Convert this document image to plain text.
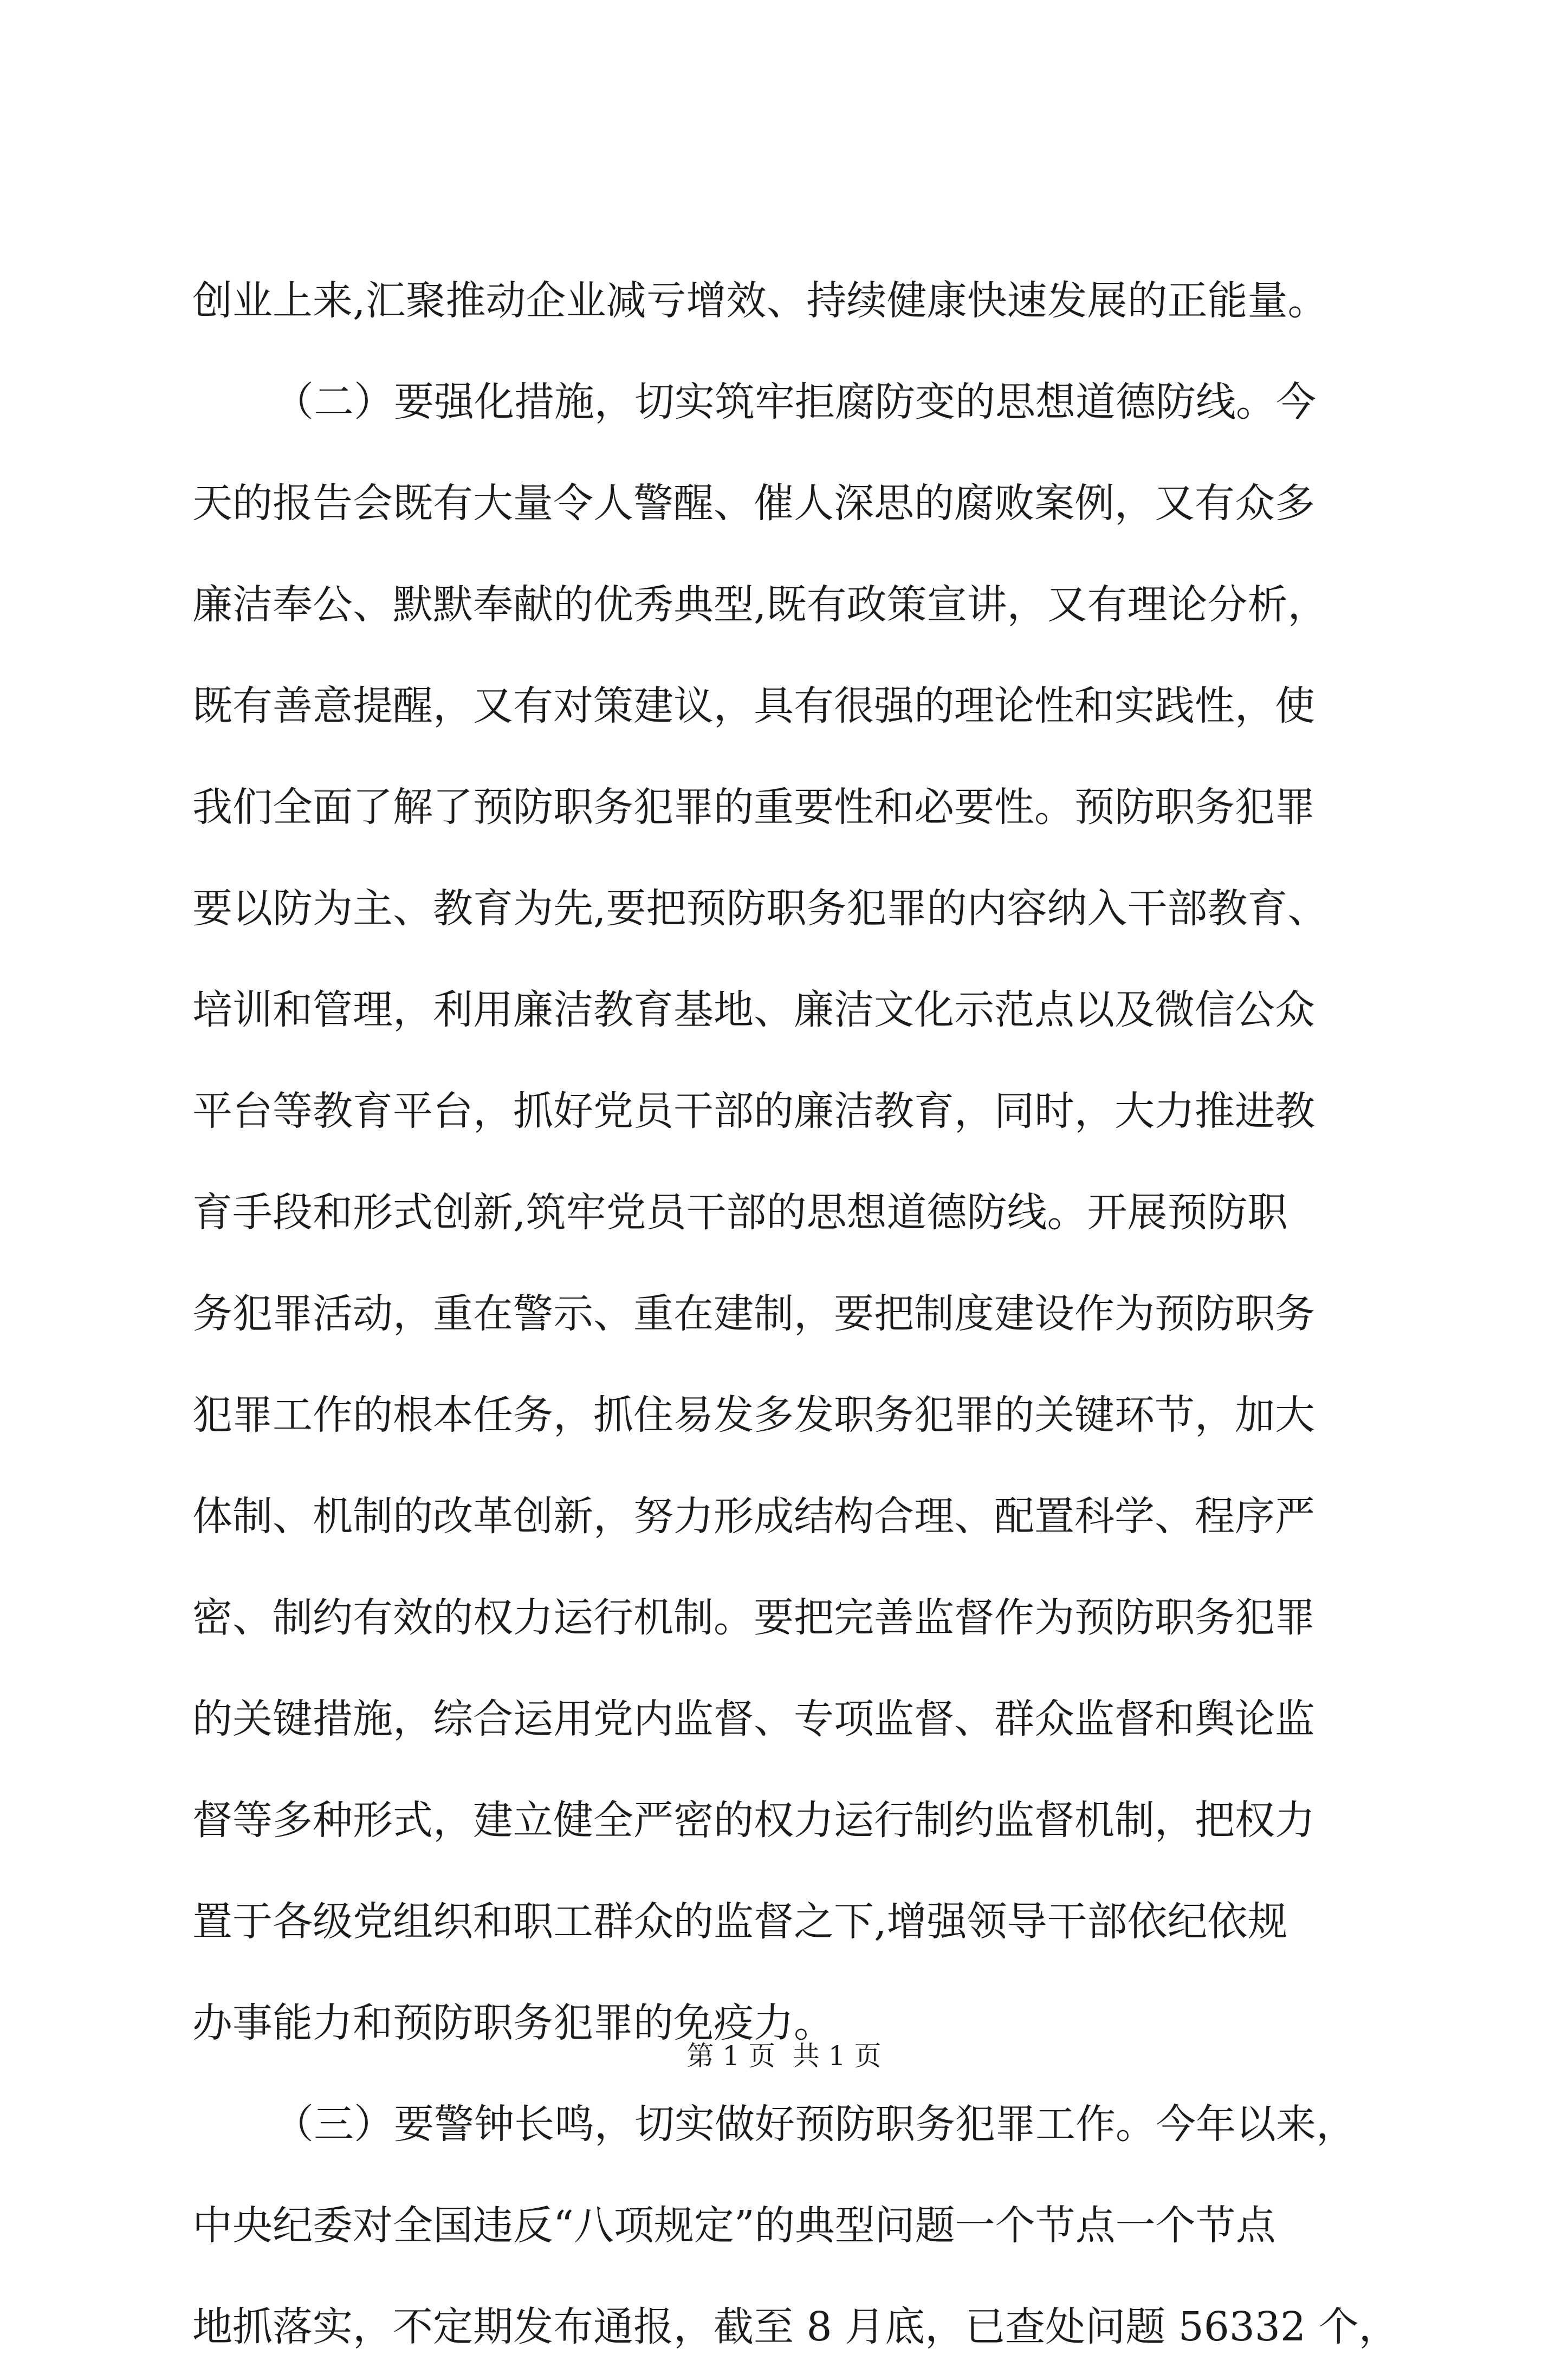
创业上来,汇聚推动企业减亏增效、持续健康快速发展的正能量。
（二）要强化措施，切实筑牢拒腐防变的思想道德防线。今
天的报告会既有大量令人警醒、催人深思的腐败案例，又有众多
廉洁奉公、默默奉献的优秀典型,既有政策宣讲，又有理论分析，
既有善意提醒，又有对策建议，具有很强的理论性和实践性，使
我们全面了解了预防职务犯罪的重要性和必要性。预防职务犯罪
要以防为主、教育为先,要把预防职务犯罪的内容纳入干部教育、
培训和管理，利用廉洁教育基地、廉洁文化示范点以及微信公众
平台等教育平台，抓好党员干部的廉洁教育，同时，大力推进教
育手段和形式创新,筑牢党员干部的思想道德防线。开展预防职
务犯罪活动，重在警示、重在建制，要把制度建设作为预防职务
犯罪工作的根本任务，抓住易发多发职务犯罪的关键环节，加大
体制、机制的改革创新，努力形成结构合理、配置科学、程序严
密、制约有效的权力运行机制。要把完善监督作为预防职务犯罪
的关键措施，综合运用党内监督、专项监督、群众监督和舆论监
督等多种形式，建立健全严密的权力运行制约监督机制，把权力
置于各级党组织和职工群众的监督之下,增强领导干部依纪依规
办事能力和预防职务犯罪的免疫力。
（三）要警钟长鸣，切实做好预防职务犯罪工作。今年以来，
中央纪委对全国违反“八项规定”的典型问题一个节点一个节点
地抓落实，不定期发布通报，截至 8 月底，已查处问题 56332 个，
第 1 页  共 1 页
